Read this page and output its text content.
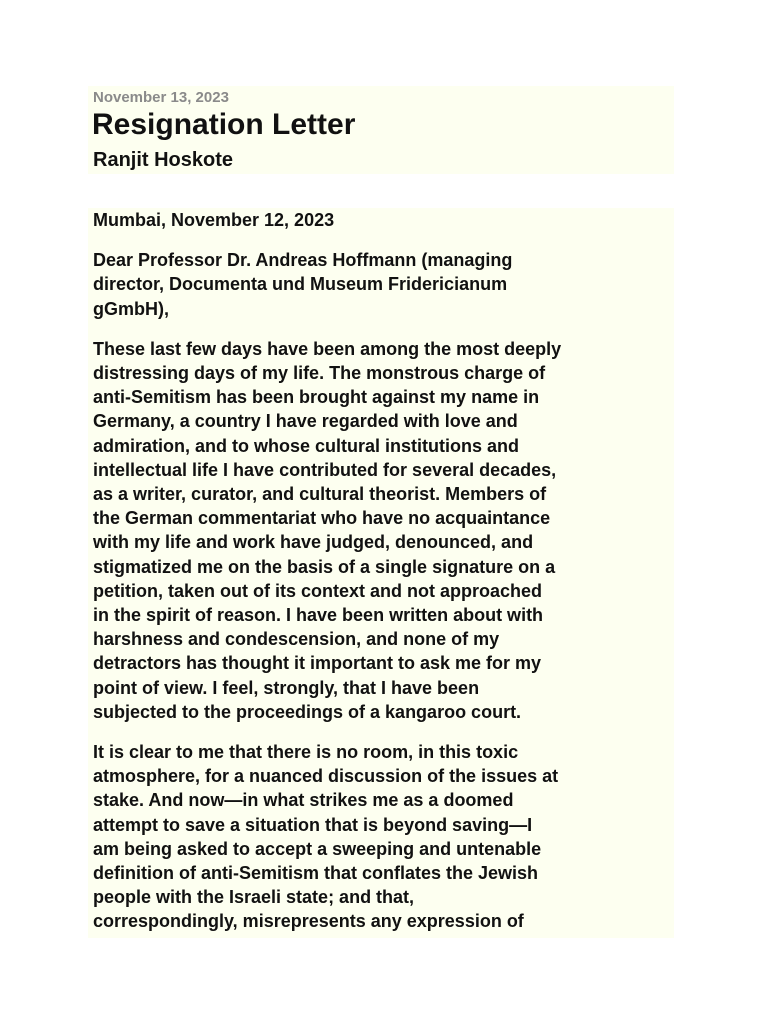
November 13, 2023
Resignation Letter
Ranjit Hoskote

Mumbai, November 12, 2023

Dear Professor Dr. Andreas Hoffmann (managing
director, Documenta und Museum Fridericianum
gGmbH),

These last few days have been among the most deeply
distressing days of my life. The monstrous charge of
anti-Semitism has been brought against my name in
Germany, a country I have regarded with love and
admiration, and to whose cultural institutions and
intellectual life I have contributed for several decades,
as a writer, curator, and cultural theorist. Members of
the German commentariat who have no acquaintance
with my life and work have judged, denounced, and
stigmatized me on the basis of a single signature on a
petition, taken out of its context and not approached
in the spirit of reason. I have been written about with
harshness and condescension, and none of my
detractors has thought it important to ask me for my
point of view. I feel, strongly, that I have been
subjected to the proceedings of a kangaroo court.

It is clear to me that there is no room, in this toxic
atmosphere, for a nuanced discussion of the issues at
stake. And now—in what strikes me as a doomed
attempt to save a situation that is beyond saving—I
am being asked to accept a sweeping and untenable
definition of anti-Semitism that conflates the Jewish
people with the Israeli state; and that,
correspondingly, misrepresents any expression of
